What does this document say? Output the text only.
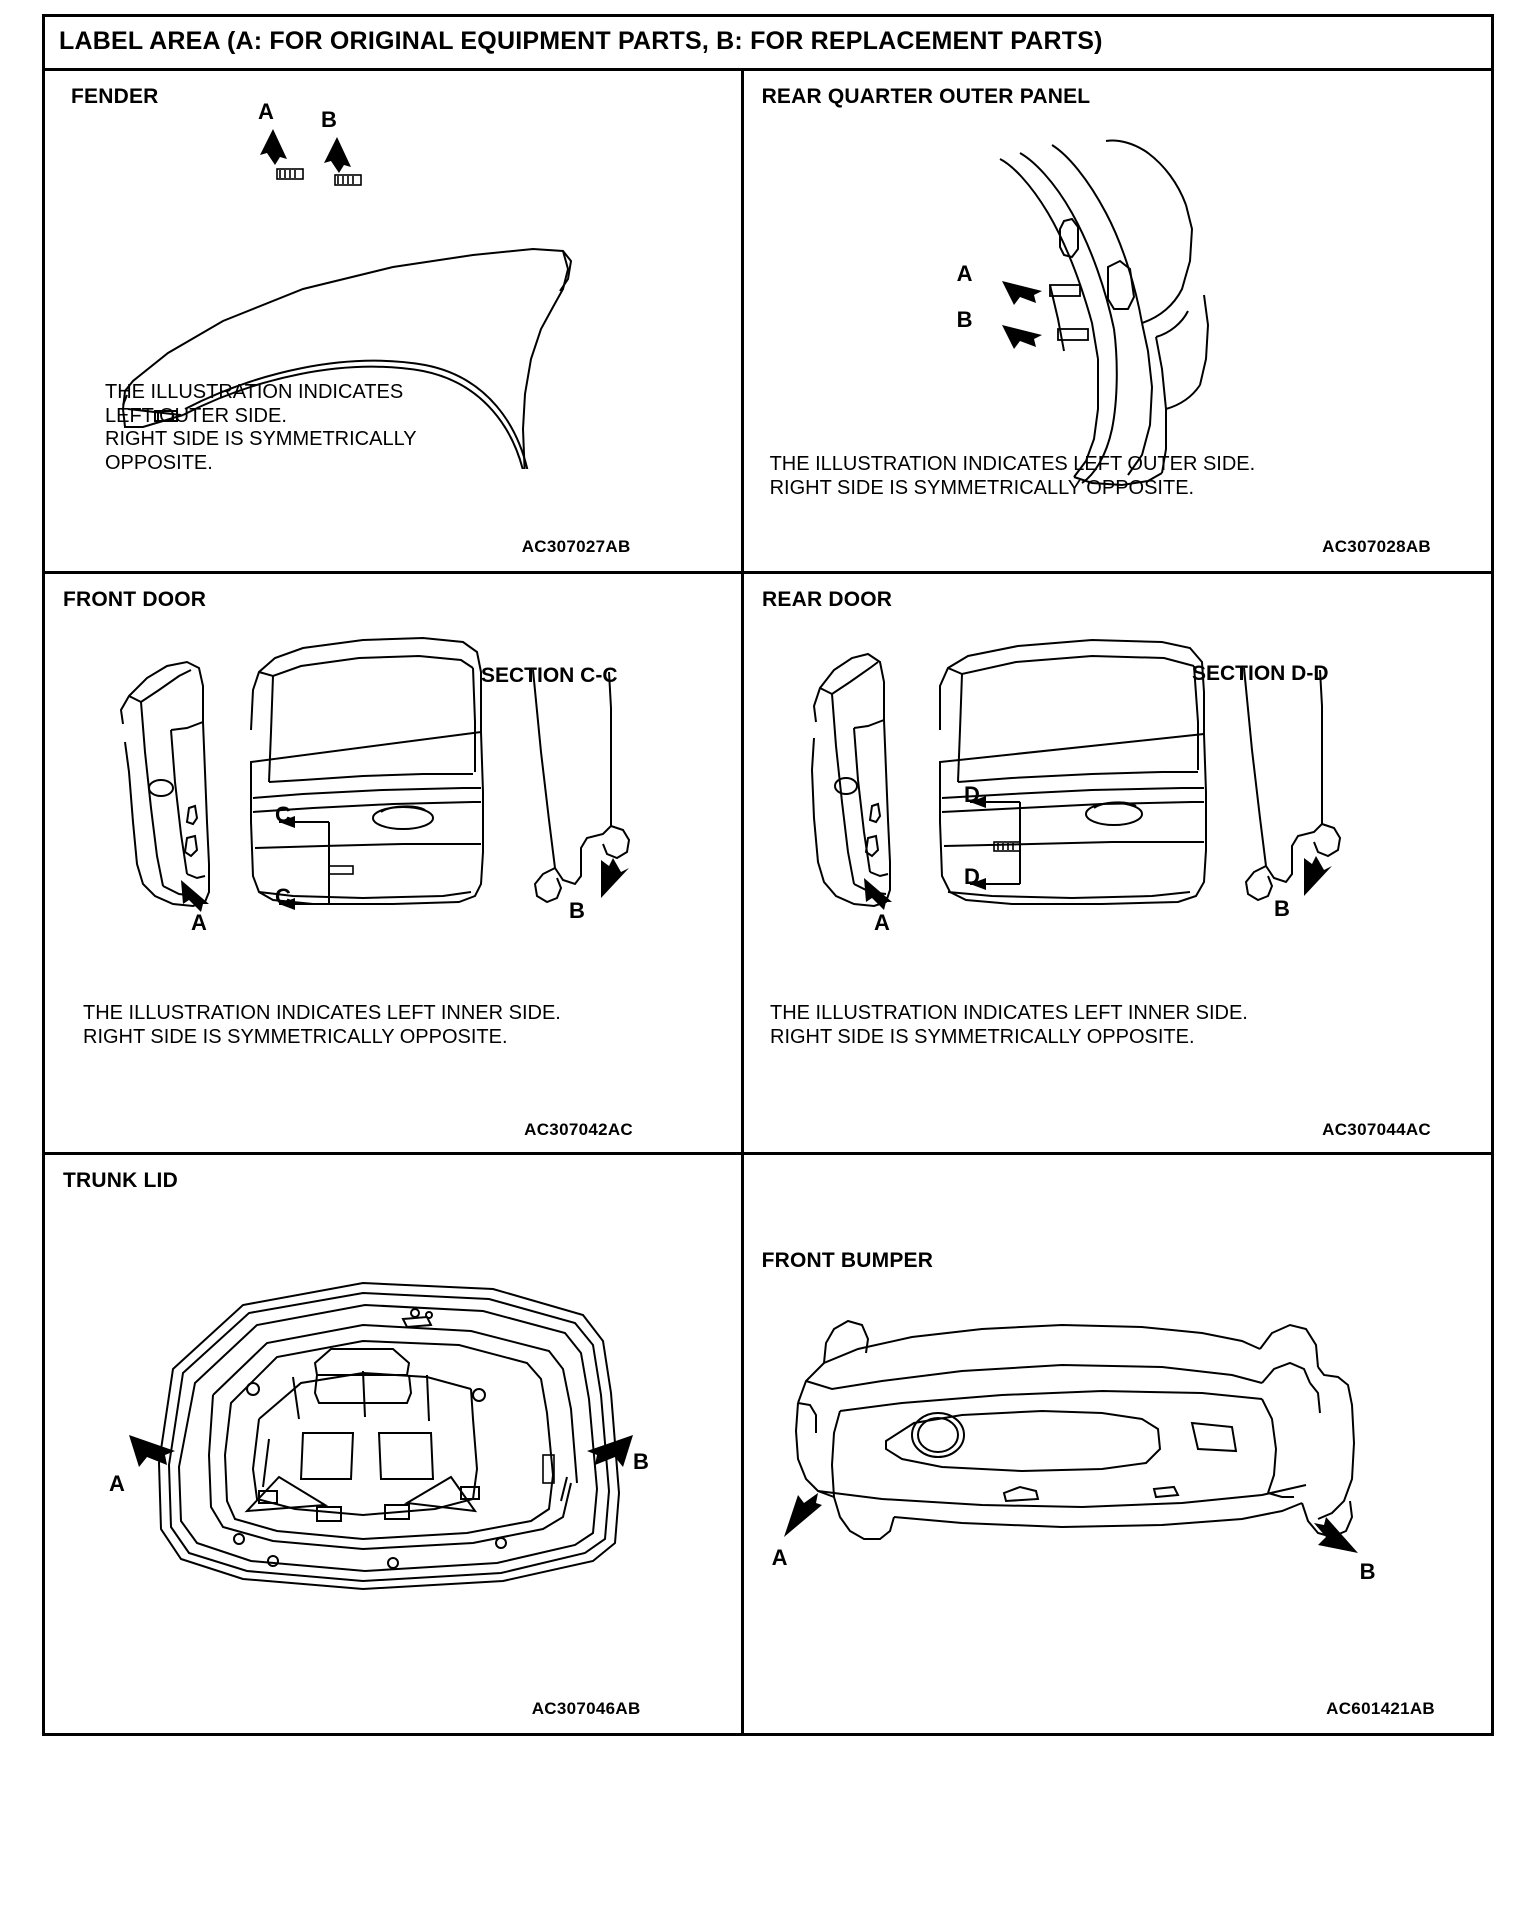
LABEL AREA (A: FOR ORIGINAL EQUIPMENT PARTS, B: FOR REPLACEMENT PARTS)
FENDER
A B
THE ILLUSTRATION INDICATES
LEFT OUTER SIDE.
RIGHT SIDE IS SYMMETRICALLY
OPPOSITE.
AC307027AB
REAR QUARTER OUTER PANEL
A
B
THE ILLUSTRATION INDICATES LEFT OUTER SIDE.
RIGHT SIDE IS SYMMETRICALLY OPPOSITE.
AC307028AB
FRONT DOOR
SECTION C-C
A	B
C
C
THE ILLUSTRATION INDICATES LEFT INNER SIDE.
RIGHT SIDE IS SYMMETRICALLY OPPOSITE.
AC307042AC
REAR DOOR
SECTION D-D
A
B
D
D
THE ILLUSTRATION INDICATES LEFT INNER SIDE.
RIGHT SIDE IS SYMMETRICALLY OPPOSITE.
AC307044AC
TRUNK LID
A
B
AC307046AB
FRONT BUMPER
A
B
AC601421AB
